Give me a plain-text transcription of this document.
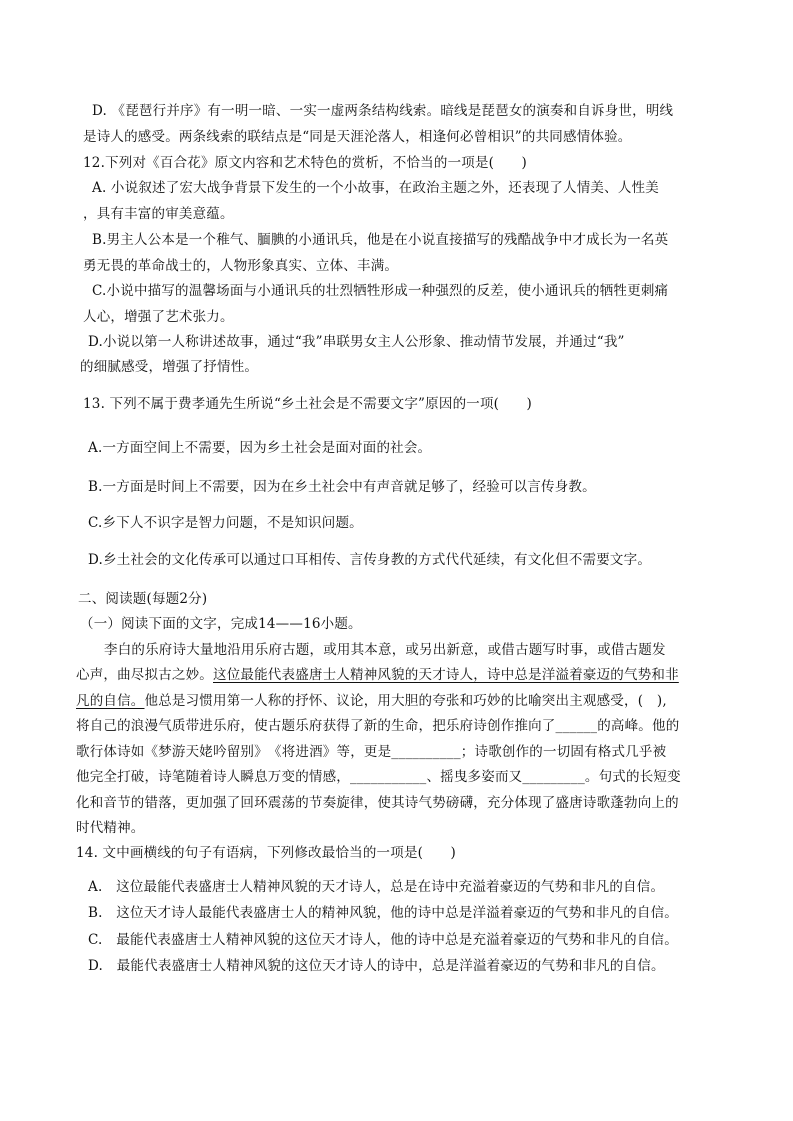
D. 《琵琶行并序》有一明一暗、一实一虚两条结构线索。暗线是琵琶女的演奏和自诉身世，明线
是诗人的感受。两条线索的联结点是“同是天涯沦落人，相逢何必曾相识”的共同感情体验。
12.下列对《百合花》原文内容和艺术特色的赏析，不恰当的一项是(　　)
A. 小说叙述了宏大战争背景下发生的一个小故事，在政治主题之外，还表现了人情美、人性美
，具有丰富的审美意蕴。
B.男主人公本是一个稚气、腼腆的小通讯兵，他是在小说直接描写的残酷战争中才成长为一名英
勇无畏的革命战士的，人物形象真实、立体、丰满。
C.小说中描写的温馨场面与小通讯兵的壮烈牺牲形成一种强烈的反差，使小通讯兵的牺牲更刺痛
人心，增强了艺术张力。
D.小说以第一人称讲述故事，通过“我”串联男女主人公形象、推动情节发展，并通过“我”
的细腻感受，增强了抒情性。
13. 下列不属于费孝通先生所说“乡土社会是不需要文字”原因的一项(　　)
A.一方面空间上不需要，因为乡土社会是面对面的社会。
B.一方面是时间上不需要，因为在乡土社会中有声音就足够了，经验可以言传身教。
C.乡下人不识字是智力问题，不是知识问题。
D.乡土社会的文化传承可以通过口耳相传、言传身教的方式代代延续，有文化但不需要文字。
二、阅读题(每题2分)
（一）阅读下面的文字，完成14——16小题。
李白的乐府诗大量地沿用乐府古题，或用其本意，或另出新意，或借古题写时事，或借古题发
心声，曲尽拟古之妙。这位最能代表盛唐士人精神风貌的天才诗人，诗中总是洋溢着豪迈的气势和非
凡的自信。他总是习惯用第一人称的抒怀、议论，用大胆的夸张和巧妙的比喻突出主观感受，(　),
将自己的浪漫气质带进乐府，使古题乐府获得了新的生命，把乐府诗创作推向了______的高峰。他的
歌行体诗如《梦游天姥吟留别》　《将进酒》等，更是__________；诗歌创作的一切固有格式几乎被
他完全打破，诗笔随着诗人瞬息万变的情感，___________、摇曳多姿而又_________。句式的长短变
化和音节的错落，更加强了回环震荡的节奏旋律，使其诗气势磅礴，充分体现了盛唐诗歌蓬勃向上的
时代精神。
14. 文中画横线的句子有语病，下列修改最恰当的一项是(　　)
A.　这位最能代表盛唐士人精神风貌的天才诗人，总是在诗中充溢着豪迈的气势和非凡的自信。
B.　这位天才诗人最能代表盛唐士人的精神风貌，他的诗中总是洋溢着豪迈的气势和非凡的自信。
C.　最能代表盛唐士人精神风貌的这位天才诗人，他的诗中总是充溢着豪迈的气势和非凡的自信。
D.　最能代表盛唐士人精神风貌的这位天才诗人的诗中，总是洋溢着豪迈的气势和非凡的自信。
